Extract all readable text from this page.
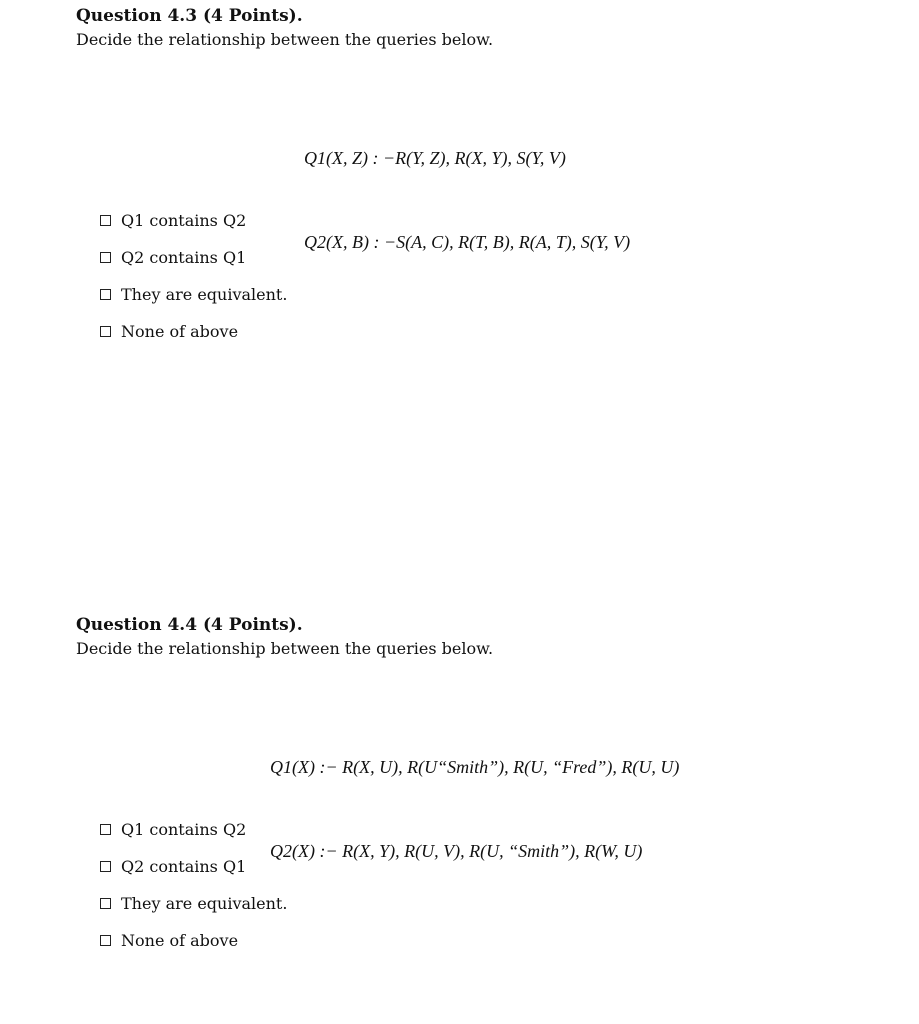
Question 4.3 (4 Points).

Decide the relationship between the queries below.

Q1(X, Z) : −R(Y, Z), R(X, Y), S(Y, V)

Q2(X, B) : −S(A, C), R(T, B), R(A, T), S(Y, V)

Q1 contains Q2
Q2 contains Q1
They are equivalent.
None of above

Question 4.4 (4 Points).

Decide the relationship between the queries below.

Q1(X) :− R(X, U), R(U“Smith”), R(U, “Fred”), R(U, U)

Q2(X) :− R(X, Y), R(U, V), R(U, “Smith”), R(W, U)

Q1 contains Q2
Q2 contains Q1
They are equivalent.
None of above
